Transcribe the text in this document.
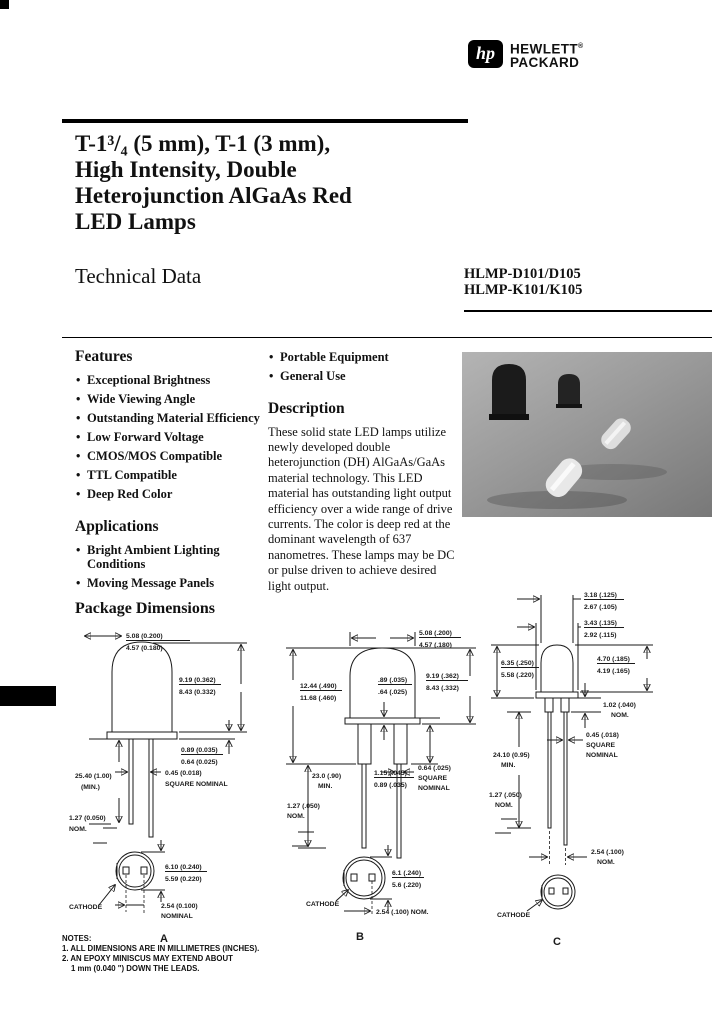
hp HEWLETT®
PACKARD
T-1³/₄ (5 mm), T-1 (3 mm),
High Intensity, Double
Heterojunction AlGaAs Red
LED Lamps
Technical Data	HLMP-D101/D105
HLMP-K101/K105
Features
• Exceptional Brightness
• Wide Viewing Angle
• Outstanding Material Efficiency
• Low Forward Voltage
• CMOS/MOS Compatible
• TTL Compatible
• Deep Red Color
Applications
• Bright Ambient Lighting Conditions
• Moving Message Panels
• Portable Equipment
• General Use
Description
These solid state LED lamps utilize newly developed double heterojunction (DH) AlGaAs/GaAs material technology. This LED material has outstanding light output efficiency over a wide range of drive currents. The color is deep red at the dominant wavelength of 637 nanometres. These lamps may be DC or pulse driven to achieve desired light output.
Package Dimensions
5.08 (0.200)
4.57 (0.180)
9.19 (0.362)
8.43 (0.332)
0.89 (0.035)
0.64 (0.025)
25.40 (1.00)
(MIN.)
0.45 (0.018)
SQUARE NOMINAL
1.27 (0.050)
NOM.
6.10 (0.240)
5.59 (0.220)
2.54 (0.100)
NOMINAL
CATHODE
A
5.08 (.200)
4.57 (.180)
12.44 (.490)
11.68 (.460)
9.19 (.362)
8.43 (.332)
.89 (.035)
.64 (.025)
1.15 (.045)
0.89 (.035)
23.0 (.90)
MIN.
0.64 (.025)
SQUARE
NOMINAL
1.27 (.050)
NOM.
6.1 (.240)
5.6 (.220)
2.54 (.100) NOM.
CATHODE
B
3.18 (.125)
2.67 (.105)
3.43 (.135)
2.92 (.115)
6.35 (.250)
5.58 (.220)
4.70 (.185)
4.19 (.165)
1.02 (.040)
NOM.
0.45 (.018)
SQUARE
NOMINAL
24.10 (0.95)
MIN.
1.27 (.050)
NOM.
2.54 (.100)
NOM.
CATHODE
C
NOTES:
1. ALL DIMENSIONS ARE IN MILLIMETRES (INCHES).
2. AN EPOXY MINISCUS MAY EXTEND ABOUT
1 mm (0.040 ") DOWN THE LEADS.
